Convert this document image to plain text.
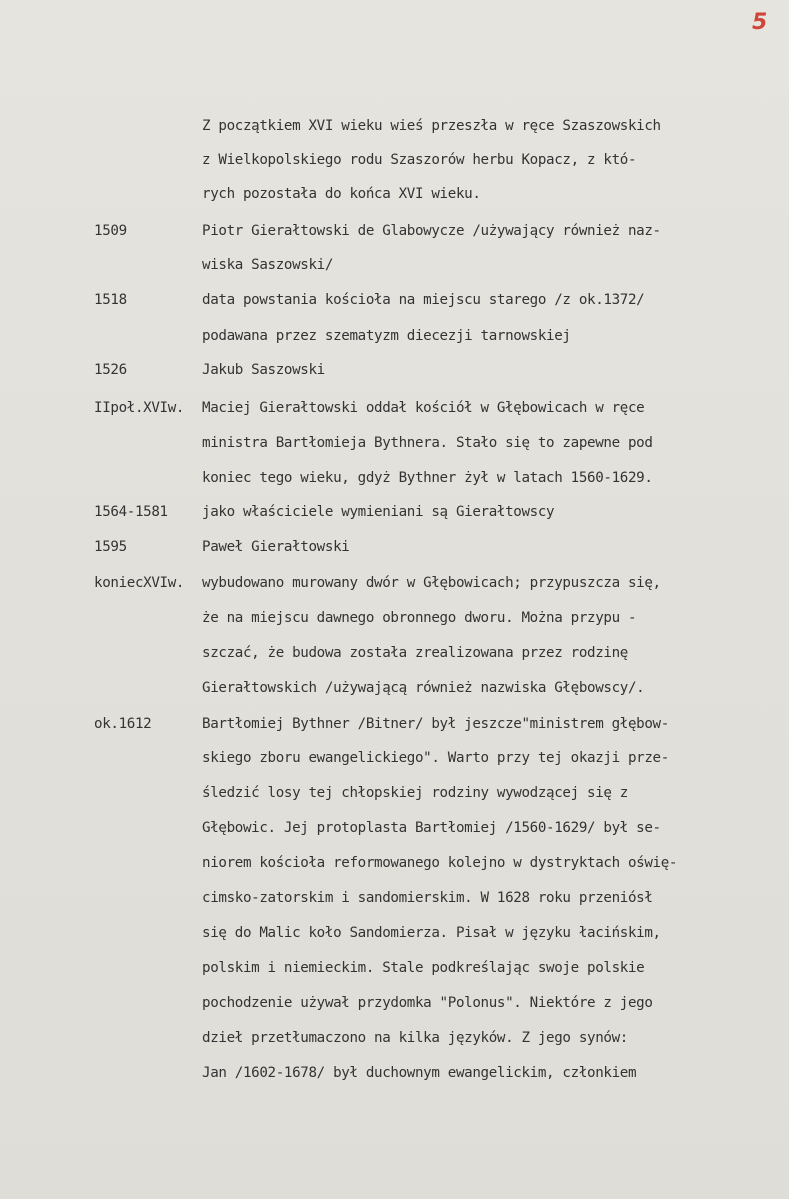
5
Z początkiem XVI wieku wieś przeszła w ręce Szaszowskich
z Wielkopolskiego rodu Szaszorów herbu Kopacz, z któ-
rych pozostała do końca XVI wieku.
1509	Piotr Gierałtowski de Glabowycze /używający również naz-
wiska Saszowski/
1518	data powstania kościoła na miejscu starego /z ok.1372/
podawana przez szematyzm diecezji tarnowskiej
1526	Jakub Saszowski
IIpoł.XVIw. Maciej Gierałtowski oddał kościół w Głębowicach w ręce
ministra Bartłomieja Bythnera. Stało się to zapewne pod
koniec tego wieku, gdyż Bythner żył w latach 1560-1629.
1564-1581 jako właściciele wymieniani są Gierałtowscy
1595	Paweł Gierałtowski
koniecXVIw. wybudowano murowany dwór w Głębowicach; przypuszcza się,
że na miejscu dawnego obronnego dworu. Można przypu -
szczać, że budowa została zrealizowana przez rodzinę
Gierałtowskich /używającą również nazwiska Głębowscy/.
ok.1612	Bartłomiej Bythner /Bitner/ był jeszcze"ministrem głębow-
skiego zboru ewangelickiego". Warto przy tej okazji prze-
śledzić losy tej chłopskiej rodziny wywodzącej się z
Głębowic. Jej protoplasta Bartłomiej /1560-1629/ był se-
niorem kościoła reformowanego kolejno w dystryktach oświę-
cimsko-zatorskim i sandomierskim. W 1628 roku przeniósł
się do Malic koło Sandomierza. Pisał w języku łacińskim,
polskim i niemieckim. Stale podkreślając swoje polskie
pochodzenie używał przydomka "Polonus". Niektóre z jego
dzieł przetłumaczono na kilka języków. Z jego synów:
Jan /1602-1678/ był duchownym ewangelickim, członkiem
